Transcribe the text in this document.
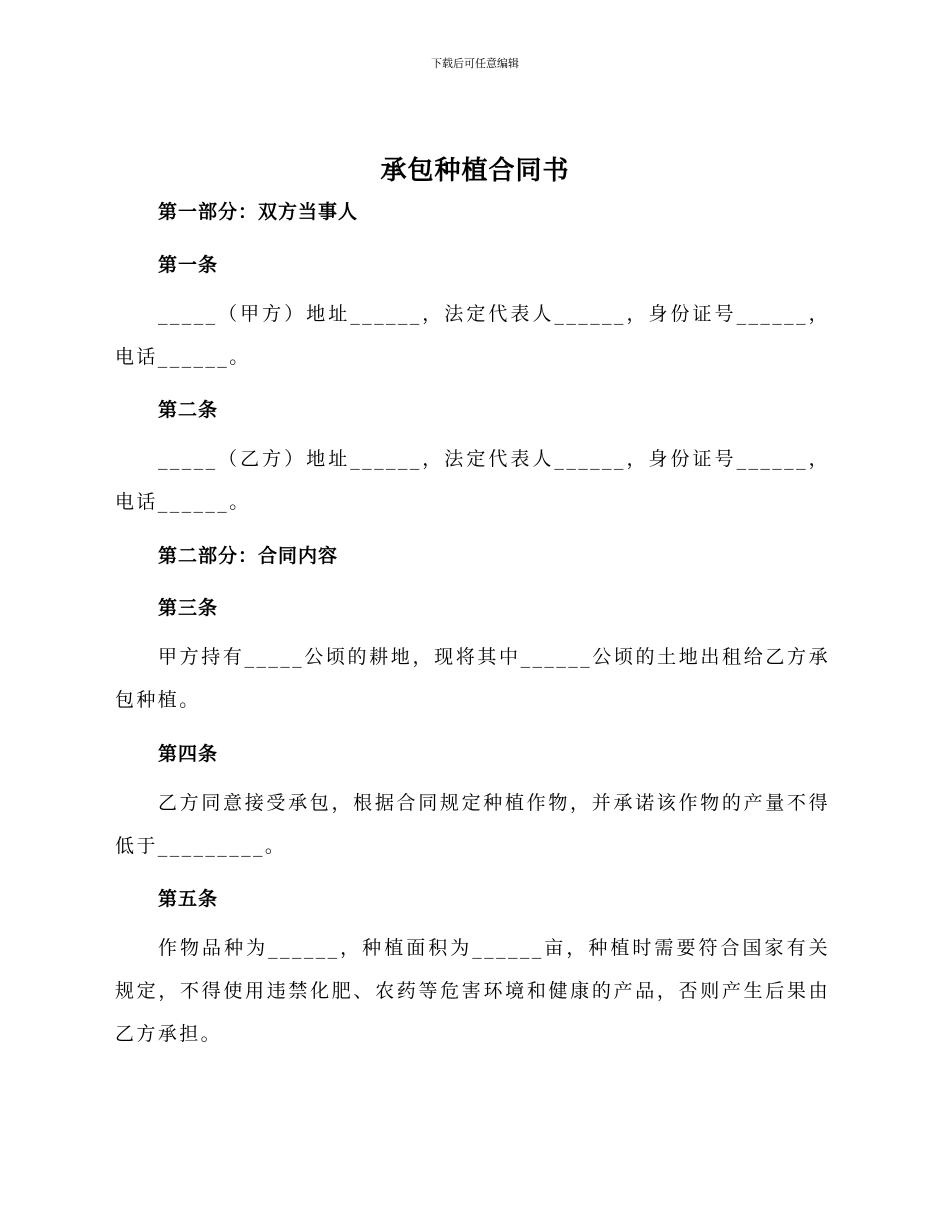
下载后可任意编辑
承包种植合同书
第一部分：双方当事人
第一条
_____（甲方）地址______，法定代表人______，身份证号______，电话______。
第二条
_____（乙方）地址______，法定代表人______，身份证号______，电话______。
第二部分：合同内容
第三条
甲方持有_____公顷的耕地，现将其中______公顷的土地出租给乙方承包种植。
第四条
乙方同意接受承包，根据合同规定种植作物，并承诺该作物的产量不得低于_________。
第五条
作物品种为______，种植面积为______亩，种植时需要符合国家有关规定，不得使用违禁化肥、农药等危害环境和健康的产品，否则产生后果由乙方承担。
